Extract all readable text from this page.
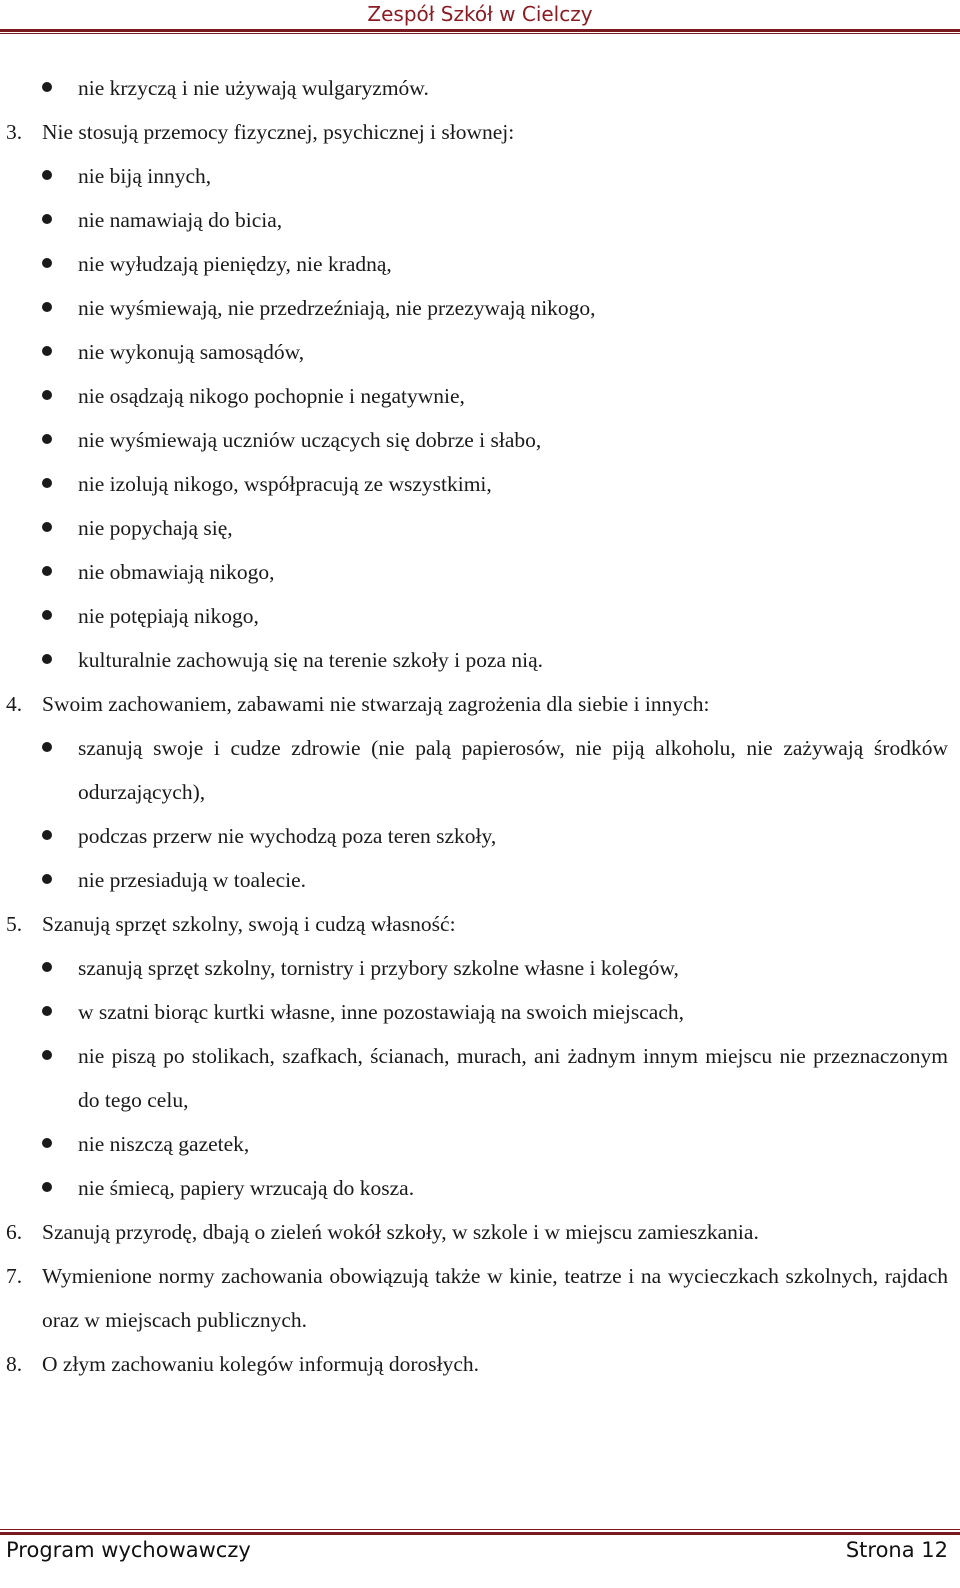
Zespół Szkół w Cielczy
nie krzyczą i nie używają wulgaryzmów.
3. Nie stosują przemocy fizycznej, psychicznej i słownej:
nie biją innych,
nie namawiają do bicia,
nie wyłudzają pieniędzy, nie kradną,
nie wyśmiewają, nie przedrzeźniają, nie przezywają nikogo,
nie wykonują samosądów,
nie osądzają nikogo pochopnie i negatywnie,
nie wyśmiewają uczniów uczących się dobrze i słabo,
nie izolują nikogo, współpracują ze wszystkimi,
nie popychają się,
nie obmawiają nikogo,
nie potępiają nikogo,
kulturalnie zachowują się na terenie szkoły i poza nią.
4. Swoim zachowaniem, zabawami nie stwarzają zagrożenia dla siebie i innych:
szanują swoje i cudze zdrowie (nie palą papierosów, nie piją alkoholu, nie zażywają środków odurzających),
podczas przerw nie wychodzą poza teren szkoły,
nie przesiadują w toalecie.
5. Szanują sprzęt szkolny, swoją i cudzą własność:
szanują sprzęt szkolny, tornistry i przybory szkolne własne i kolegów,
w szatni biorąc kurtki własne, inne pozostawiają na swoich miejscach,
nie piszą po stolikach, szafkach, ścianach, murach, ani żadnym innym miejscu nie przeznaczonym do tego celu,
nie niszczą gazetek,
nie śmiecą, papiery wrzucają do kosza.
6. Szanują przyrodę, dbają o zieleń wokół szkoły, w szkole i w miejscu zamieszkania.
7. Wymienione normy zachowania obowiązują także w kinie, teatrze i na wycieczkach szkolnych, rajdach oraz w miejscach publicznych.
8. O złym zachowaniu kolegów informują dorosłych.
Program wychowawczy	Strona 12
